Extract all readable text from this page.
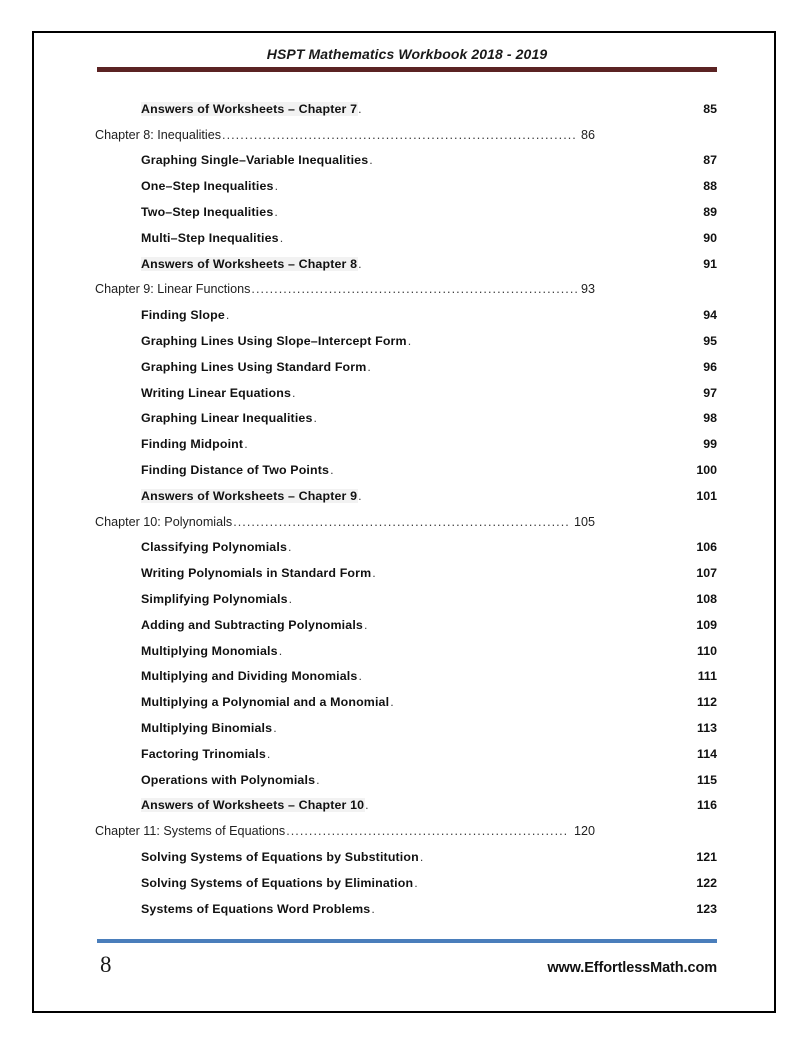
HSPT Mathematics Workbook 2018 - 2019
Answers of Worksheets – Chapter 7 .	85
Chapter 8: Inequalities .............................................................................. 86
Graphing Single–Variable Inequalities .	87
One–Step Inequalities .	88
Two–Step Inequalities .	89
Multi–Step Inequalities .	90
Answers of Worksheets – Chapter 8 .	91
Chapter 9: Linear Functions ........................................................................ 93
Finding Slope .	94
Graphing Lines Using Slope–Intercept Form .	95
Graphing Lines Using Standard Form .	96
Writing Linear Equations .	97
Graphing Linear Inequalities .	98
Finding Midpoint .	99
Finding Distance of Two Points .	100
Answers of Worksheets – Chapter 9 .	101
Chapter 10: Polynomials .......................................................................... 105
Classifying Polynomials .	106
Writing Polynomials in Standard Form .	107
Simplifying Polynomials .	108
Adding and Subtracting Polynomials .	109
Multiplying Monomials .	110
Multiplying and Dividing Monomials .	111
Multiplying a Polynomial and a Monomial .	112
Multiplying Binomials .	113
Factoring Trinomials .	114
Operations with Polynomials .	115
Answers of Worksheets – Chapter 10 .	116
Chapter 11: Systems of Equations .............................................................. 120
Solving Systems of Equations by Substitution .	121
Solving Systems of Equations by Elimination .	122
Systems of Equations Word Problems .	123
8	www.EffortlessMath.com
